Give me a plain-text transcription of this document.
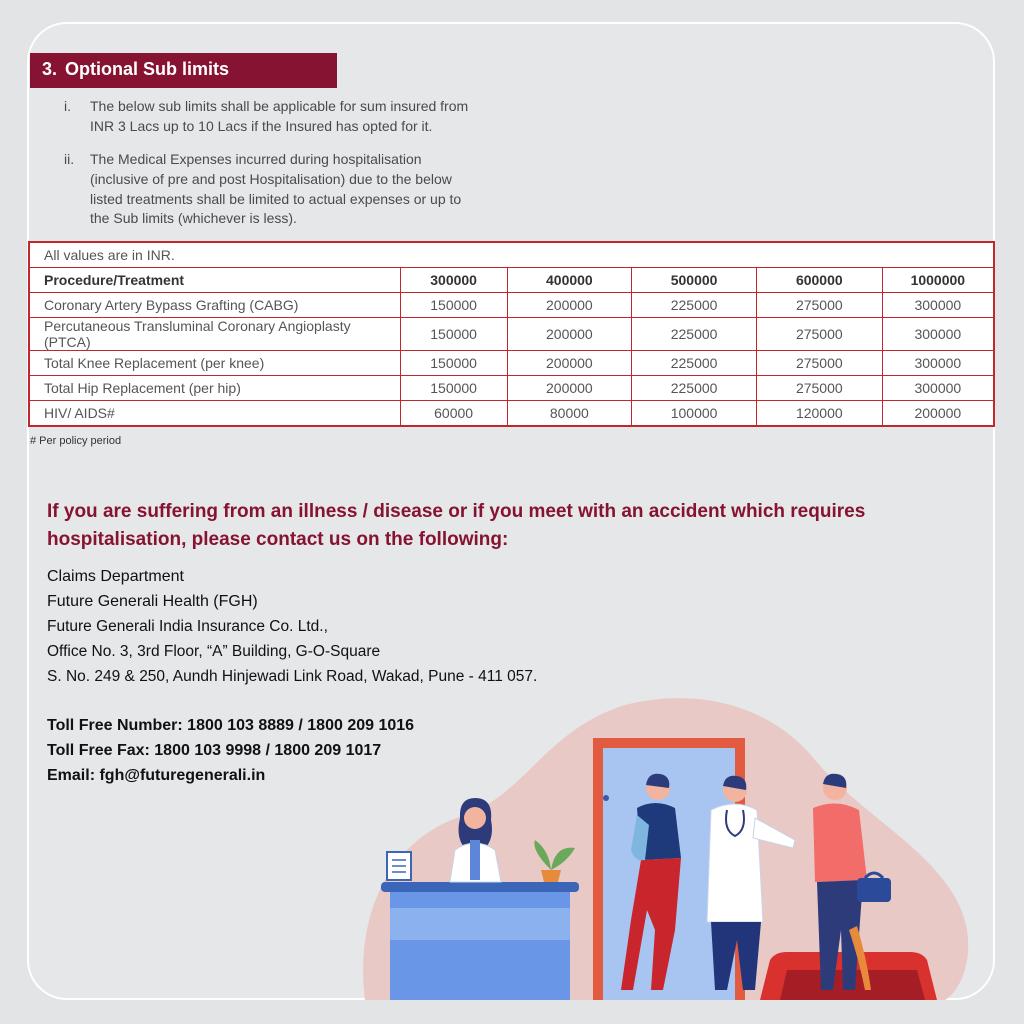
3. Optional Sub limits
i. The below sub limits shall be applicable for sum insured from
INR 3 Lacs up to 10 Lacs if the Insured has opted for it.
ii. The Medical Expenses incurred during hospitalisation
(inclusive of pre and post Hospitalisation) due to the below
listed treatments shall be limited to actual expenses or up to
the Sub limits (whichever is less).
All values are in INR.					
Procedure/Treatment	300000	400000	500000	600000	1000000
Coronary Artery Bypass Grafting (CABG)	150000	200000	225000	275000	300000
Percutaneous Transluminal Coronary Angioplasty (PTCA)	150000	200000	225000	275000	300000
Total Knee Replacement (per knee)	150000	200000	225000	275000	300000
Total Hip Replacement (per hip)	150000	200000	225000	275000	300000
HIV/ AIDS#	60000	80000	100000	120000	200000
# Per policy period
If you are suffering from an illness / disease or if you meet with an accident which requires
hospitalisation, please contact us on the following:
Claims Department
Future Generali Health (FGH)
Future Generali India Insurance Co. Ltd.,
Office No. 3, 3rd Floor, “A” Building, G-O-Square
S. No. 249 & 250, Aundh Hinjewadi Link Road, Wakad, Pune - 411 057.
Toll Free Number: 1800 103 8889 / 1800 209 1016
Toll Free Fax: 1800 103 9998 / 1800 209 1017
Email: fgh@futuregenerali.in
